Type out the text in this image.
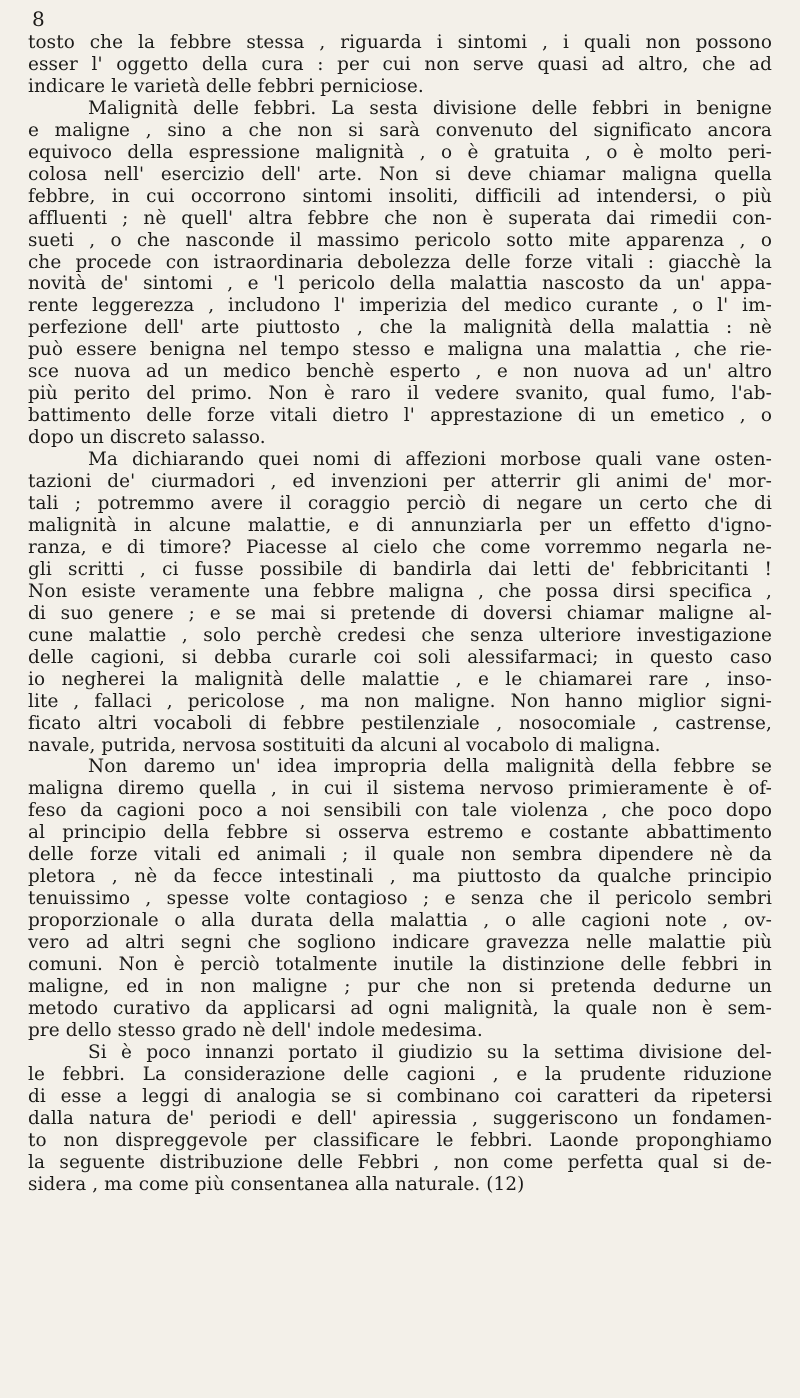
8
tosto che la febbre stessa , riguarda i sintomi , i quali non possono
esser l' oggetto della cura : per cui non serve quasi ad altro, che ad
indicare le varietà delle febbri perniciose.
Malignità delle febbri. La sesta divisione delle febbri in benigne
e maligne , sino a che non si sarà convenuto del significato ancora
equivoco della espressione malignità , o è gratuita , o è molto peri-
colosa nell' esercizio dell' arte. Non si deve chiamar maligna quella
febbre, in cui occorrono sintomi insoliti, difficili ad intendersi, o più
affluenti ; nè quell' altra febbre che non è superata dai rimedii con-
sueti , o che nasconde il massimo pericolo sotto mite apparenza , o
che procede con istraordinaria debolezza delle forze vitali : giacchè la
novità de' sintomi , e 'l pericolo della malattia nascosto da un' appa-
rente leggerezza , includono l' imperizia del medico curante , o l' im-
perfezione dell' arte piuttosto , che la malignità della malattia : nè
può essere benigna nel tempo stesso e maligna una malattia , che rie-
sce nuova ad un medico benchè esperto , e non nuova ad un' altro
più perito del primo. Non è raro il vedere svanito, qual fumo, l'ab-
battimento delle forze vitali dietro l' apprestazione di un emetico , o
dopo un discreto salasso.
Ma dichiarando quei nomi di affezioni morbose quali vane osten-
tazioni de' ciurmadori , ed invenzioni per atterrir gli animi de' mor-
tali ; potremmo avere il coraggio perciò di negare un certo che di
malignità in alcune malattie, e di annunziarla per un effetto d'igno-
ranza, e di timore? Piacesse al cielo che come vorremmo negarla ne-
gli scritti , ci fusse possibile di bandirla dai letti de' febbricitanti !
Non esiste veramente una febbre maligna , che possa dirsi specifica ,
di suo genere ; e se mai si pretende di doversi chiamar maligne al-
cune malattie , solo perchè credesi che senza ulteriore investigazione
delle cagioni, si debba curarle coi soli alessifarmaci; in questo caso
io negherei la malignità delle malattie , e le chiamarei rare , inso-
lite , fallaci , pericolose , ma non maligne. Non hanno miglior signi-
ficato altri vocaboli di febbre pestilenziale , nosocomiale , castrense,
navale, putrida, nervosa sostituiti da alcuni al vocabolo di maligna.
Non daremo un' idea impropria della malignità della febbre se
maligna diremo quella , in cui il sistema nervoso primieramente è of-
feso da cagioni poco a noi sensibili con tale violenza , che poco dopo
al principio della febbre si osserva estremo e costante abbattimento
delle forze vitali ed animali ; il quale non sembra dipendere nè da
pletora , nè da fecce intestinali , ma piuttosto da qualche principio
tenuissimo , spesse volte contagioso ; e senza che il pericolo sembri
proporzionale o alla durata della malattia , o alle cagioni note , ov-
vero ad altri segni che sogliono indicare gravezza nelle malattie più
comuni. Non è perciò totalmente inutile la distinzione delle febbri in
maligne, ed in non maligne ; pur che non si pretenda dedurne un
metodo curativo da applicarsi ad ogni malignità, la quale non è sem-
pre dello stesso grado nè dell' indole medesima.
Si è poco innanzi portato il giudizio su la settima divisione del-
le febbri. La considerazione delle cagioni , e la prudente riduzione
di esse a leggi di analogia se si combinano coi caratteri da ripetersi
dalla natura de' periodi e dell' apiressia , suggeriscono un fondamen-
to non dispreggevole per classificare le febbri. Laonde proponghiamo
la seguente distribuzione delle Febbri , non come perfetta qual si de-
sidera , ma come più consentanea alla naturale. (12)
